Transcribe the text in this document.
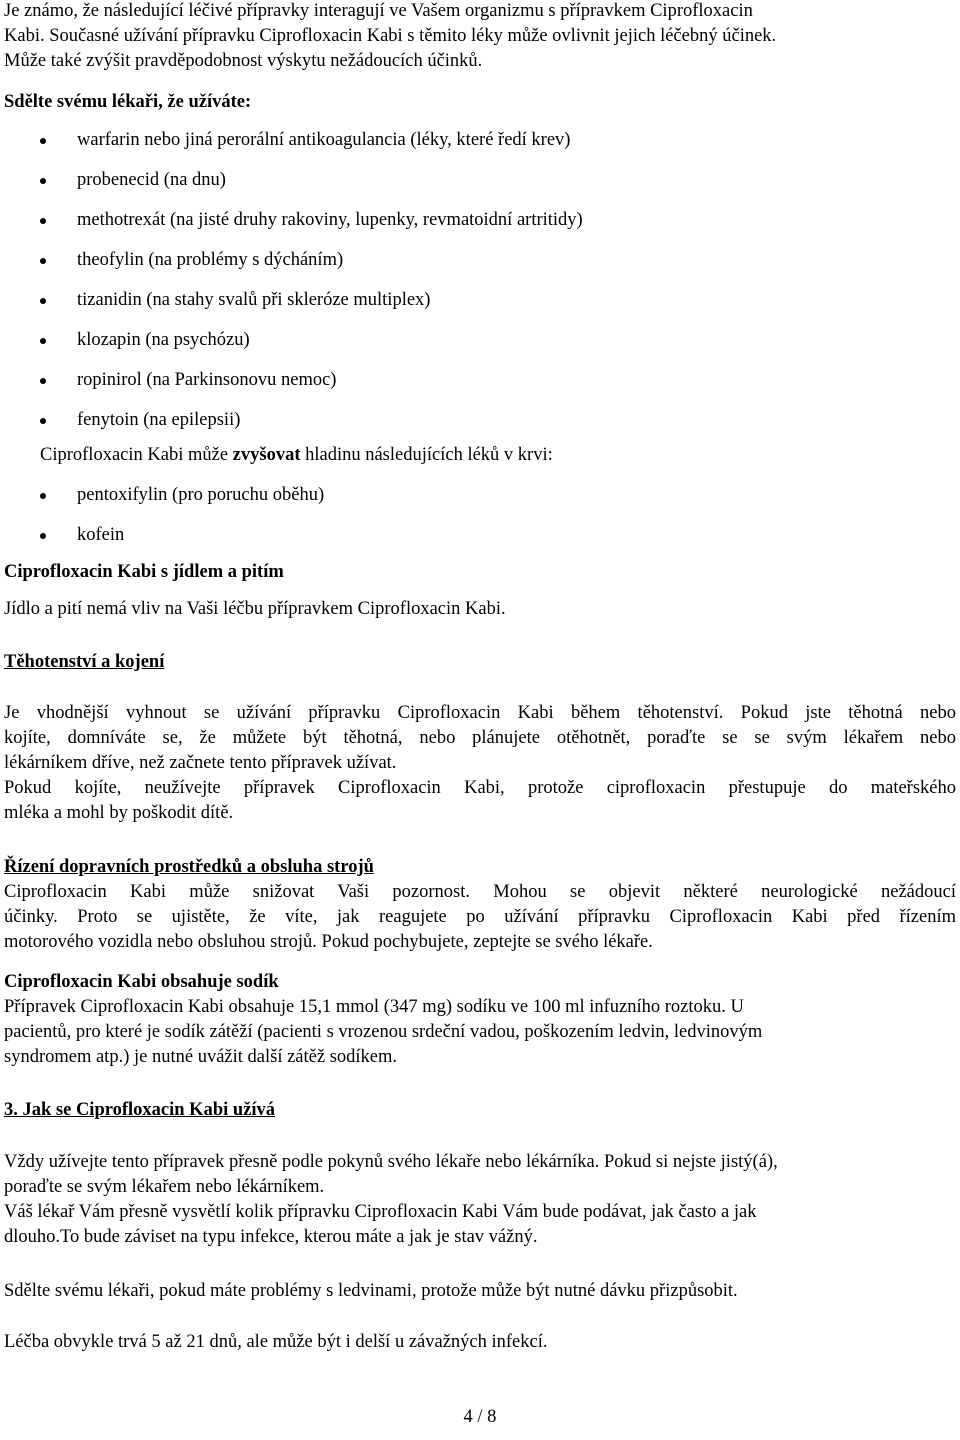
Je známo, že následující léčivé přípravky interagují ve Vašem organizmu s přípravkem Ciprofloxacin

Kabi. Současné užívání přípravku Ciprofloxacin Kabi s těmito léky může ovlivnit jejich léčebný účinek.

Může také zvýšit pravděpodobnost výskytu nežádoucích účinků.

Sdělte svému lékaři, že užíváte:

warfarin nebo jiná perorální antikoagulancia (léky, které ředí krev)
probenecid (na dnu)
methotrexát (na jisté druhy rakoviny, lupenky, revmatoidní artritidy)
theofylin (na problémy s dýcháním)
tizanidin (na stahy svalů při skleróze multiplex)
klozapin (na psychózu)
ropinirol (na Parkinsonovu nemoc)
fenytoin (na epilepsii)

Ciprofloxacin Kabi může zvyšovat hladinu následujících léků v krvi:

pentoxifylin (pro poruchu oběhu)
kofein

Ciprofloxacin Kabi s jídlem a pitím

Jídlo a pití nemá vliv na Vaši léčbu přípravkem Ciprofloxacin Kabi.

Těhotenství a kojení

Je vhodnější vyhnout se užívání přípravku Ciprofloxacin Kabi během těhotenství. Pokud jste těhotná nebo

kojíte, domníváte se, že můžete být těhotná, nebo plánujete otěhotnět, poraďte se se svým lékařem nebo

lékárníkem dříve, než začnete tento přípravek užívat.

Pokud kojíte, neužívejte přípravek Ciprofloxacin Kabi, protože ciprofloxacin přestupuje do mateřského

mléka a mohl by poškodit dítě.

Řízení dopravních prostředků a obsluha strojů

Ciprofloxacin Kabi může snižovat Vaši pozornost. Mohou se objevit některé neurologické nežádoucí

účinky. Proto se ujistěte, že víte, jak reagujete po užívání přípravku Ciprofloxacin Kabi před řízením

motorového vozidla nebo obsluhou strojů. Pokud pochybujete, zeptejte se svého lékaře.

Ciprofloxacin Kabi obsahuje sodík

Přípravek Ciprofloxacin Kabi obsahuje 15,1 mmol (347 mg) sodíku ve 100 ml infuzního roztoku. U

pacientů, pro které je sodík zátěží (pacienti s vrozenou srdeční vadou, poškozením ledvin, ledvinovým

syndromem atp.) je nutné uvážit další zátěž sodíkem.

3. Jak se Ciprofloxacin Kabi užívá

Vždy užívejte tento přípravek přesně podle pokynů svého lékaře nebo lékárníka. Pokud si nejste jistý(á),

poraďte se svým lékařem nebo lékárníkem.

Váš lékař Vám přesně vysvětlí kolik přípravku Ciprofloxacin Kabi Vám bude podávat, jak často a jak

dlouho.To bude záviset na typu infekce, kterou máte a jak je stav vážný.

Sdělte svému lékaři, pokud máte problémy s ledvinami, protože může být nutné dávku přizpůsobit.

Léčba obvykle trvá 5 až 21 dnů, ale může být i delší u závažných infekcí.

4 / 8
